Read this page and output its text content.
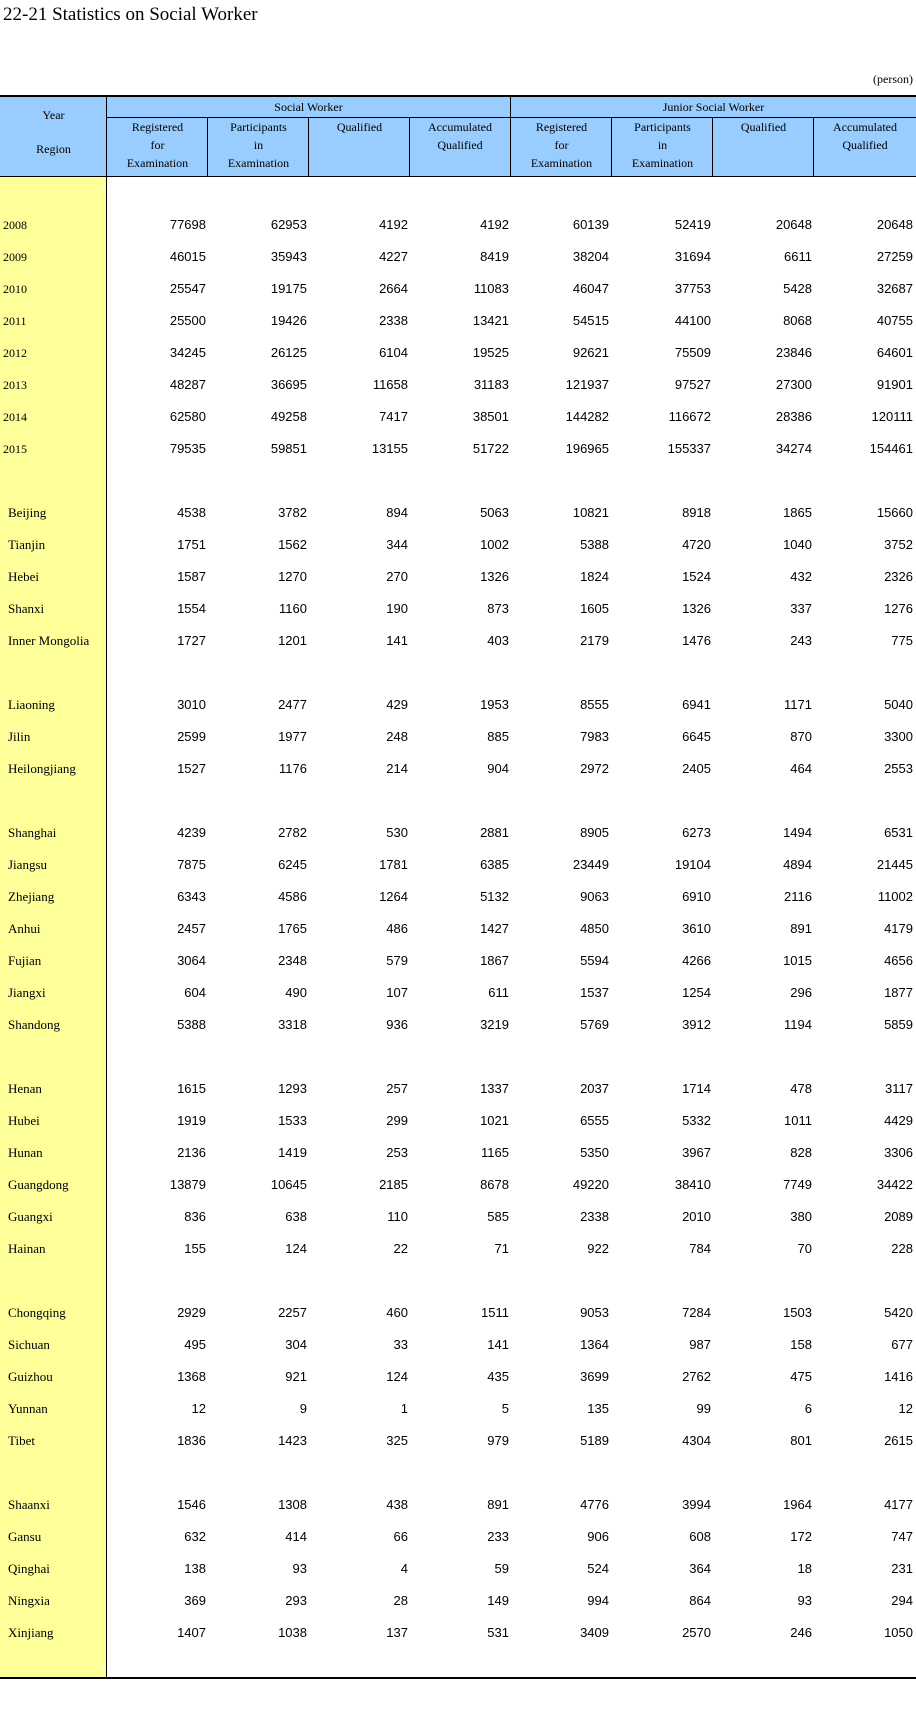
22-21 Statistics on Social Worker
(person)
Year
Region
Social Worker	Junior Social Worker
Registered
for
Examination
Participants
in
Examination
Qualified	Accumulated
Qualified
Registered
for
Examination
Participants
in
Examination
Qualified	Accumulated
Qualified
2008	77698	62953	4192	4192	60139	52419	20648	20648
2009	46015	35943	4227	8419	38204	31694	6611	27259
2010	25547	19175	2664	11083	46047	37753	5428	32687
2011	25500	19426	2338	13421	54515	44100	8068	40755
2012	34245	26125	6104	19525	92621	75509	23846	64601
2013	48287	36695	11658	31183	121937	97527	27300	91901
2014	62580	49258	7417	38501	144282	116672	28386	120111
2015	79535	59851	13155	51722	196965	155337	34274	154461
Beijing	4538	3782	894	5063	10821	8918	1865	15660
Tianjin	1751	1562	344	1002	5388	4720	1040	3752
Hebei	1587	1270	270	1326	1824	1524	432	2326
Shanxi	1554	1160	190	873	1605	1326	337	1276
Inner Mongolia	1727	1201	141	403	2179	1476	243	775
Liaoning	3010	2477	429	1953	8555	6941	1171	5040
Jilin	2599	1977	248	885	7983	6645	870	3300
Heilongjiang	1527	1176	214	904	2972	2405	464	2553
Shanghai	4239	2782	530	2881	8905	6273	1494	6531
Jiangsu	7875	6245	1781	6385	23449	19104	4894	21445
Zhejiang	6343	4586	1264	5132	9063	6910	2116	11002
Anhui	2457	1765	486	1427	4850	3610	891	4179
Fujian	3064	2348	579	1867	5594	4266	1015	4656
Jiangxi	604	490	107	611	1537	1254	296	1877
Shandong	5388	3318	936	3219	5769	3912	1194	5859
Henan	1615	1293	257	1337	2037	1714	478	3117
Hubei	1919	1533	299	1021	6555	5332	1011	4429
Hunan	2136	1419	253	1165	5350	3967	828	3306
Guangdong	13879	10645	2185	8678	49220	38410	7749	34422
Guangxi	836	638	110	585	2338	2010	380	2089
Hainan	155	124	22	71	922	784	70	228
Chongqing	2929	2257	460	1511	9053	7284	1503	5420
Sichuan	495	304	33	141	1364	987	158	677
Guizhou	1368	921	124	435	3699	2762	475	1416
Yunnan	12	9	1	5	135	99	6	12
Tibet	1836	1423	325	979	5189	4304	801	2615
Shaanxi	1546	1308	438	891	4776	3994	1964	4177
Gansu	632	414	66	233	906	608	172	747
Qinghai	138	93	4	59	524	364	18	231
Ningxia	369	293	28	149	994	864	93	294
Xinjiang	1407	1038	137	531	3409	2570	246	1050
